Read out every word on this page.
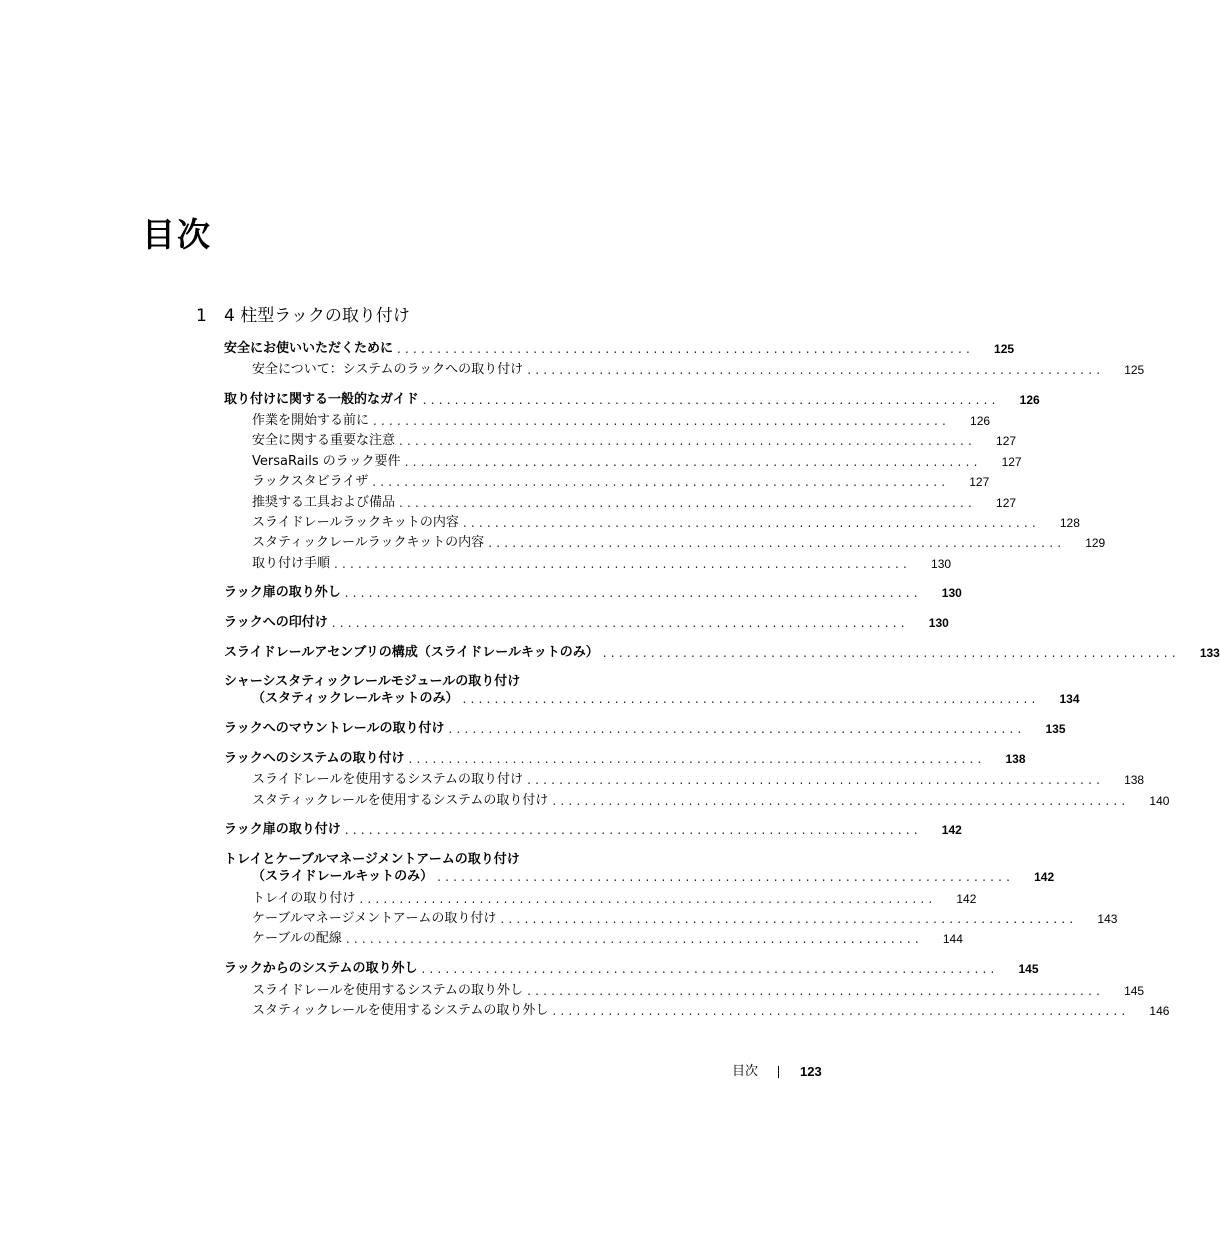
目次
1 4 柱型ラックの取り付け
安全にお使いいただくために ........................................................................ 125
安全について：システムのラックへの取り付け ........................................................................ 125
取り付けに関する一般的なガイド ........................................................................ 126
作業を開始する前に ........................................................................ 126
安全に関する重要な注意 ........................................................................ 127
VersaRails のラック要件 ........................................................................ 127
ラックスタビライザ ........................................................................ 127
推奨する工具および備品 ........................................................................ 127
スライドレールラックキットの内容 ........................................................................ 128
スタティックレールラックキットの内容 ........................................................................ 129
取り付け手順 ........................................................................ 130
ラック扉の取り外し ........................................................................ 130
ラックへの印付け ........................................................................ 130
スライドレールアセンブリの構成（スライドレールキットのみ） ........................................................................ 133
シャーシスタティックレールモジュールの取り付け
（スタティックレールキットのみ） ........................................................................ 134
ラックへのマウントレールの取り付け ........................................................................ 135
ラックへのシステムの取り付け ........................................................................ 138
スライドレールを使用するシステムの取り付け ........................................................................ 138
スタティックレールを使用するシステムの取り付け ........................................................................ 140
ラック扉の取り付け ........................................................................ 142
トレイとケーブルマネージメントアームの取り付け
（スライドレールキットのみ） ........................................................................ 142
トレイの取り付け ........................................................................ 142
ケーブルマネージメントアームの取り付け ........................................................................ 143
ケーブルの配線 ........................................................................ 144
ラックからのシステムの取り外し ........................................................................ 145
スライドレールを使用するシステムの取り外し ........................................................................ 145
スタティックレールを使用するシステムの取り外し ........................................................................ 146
目次	123
